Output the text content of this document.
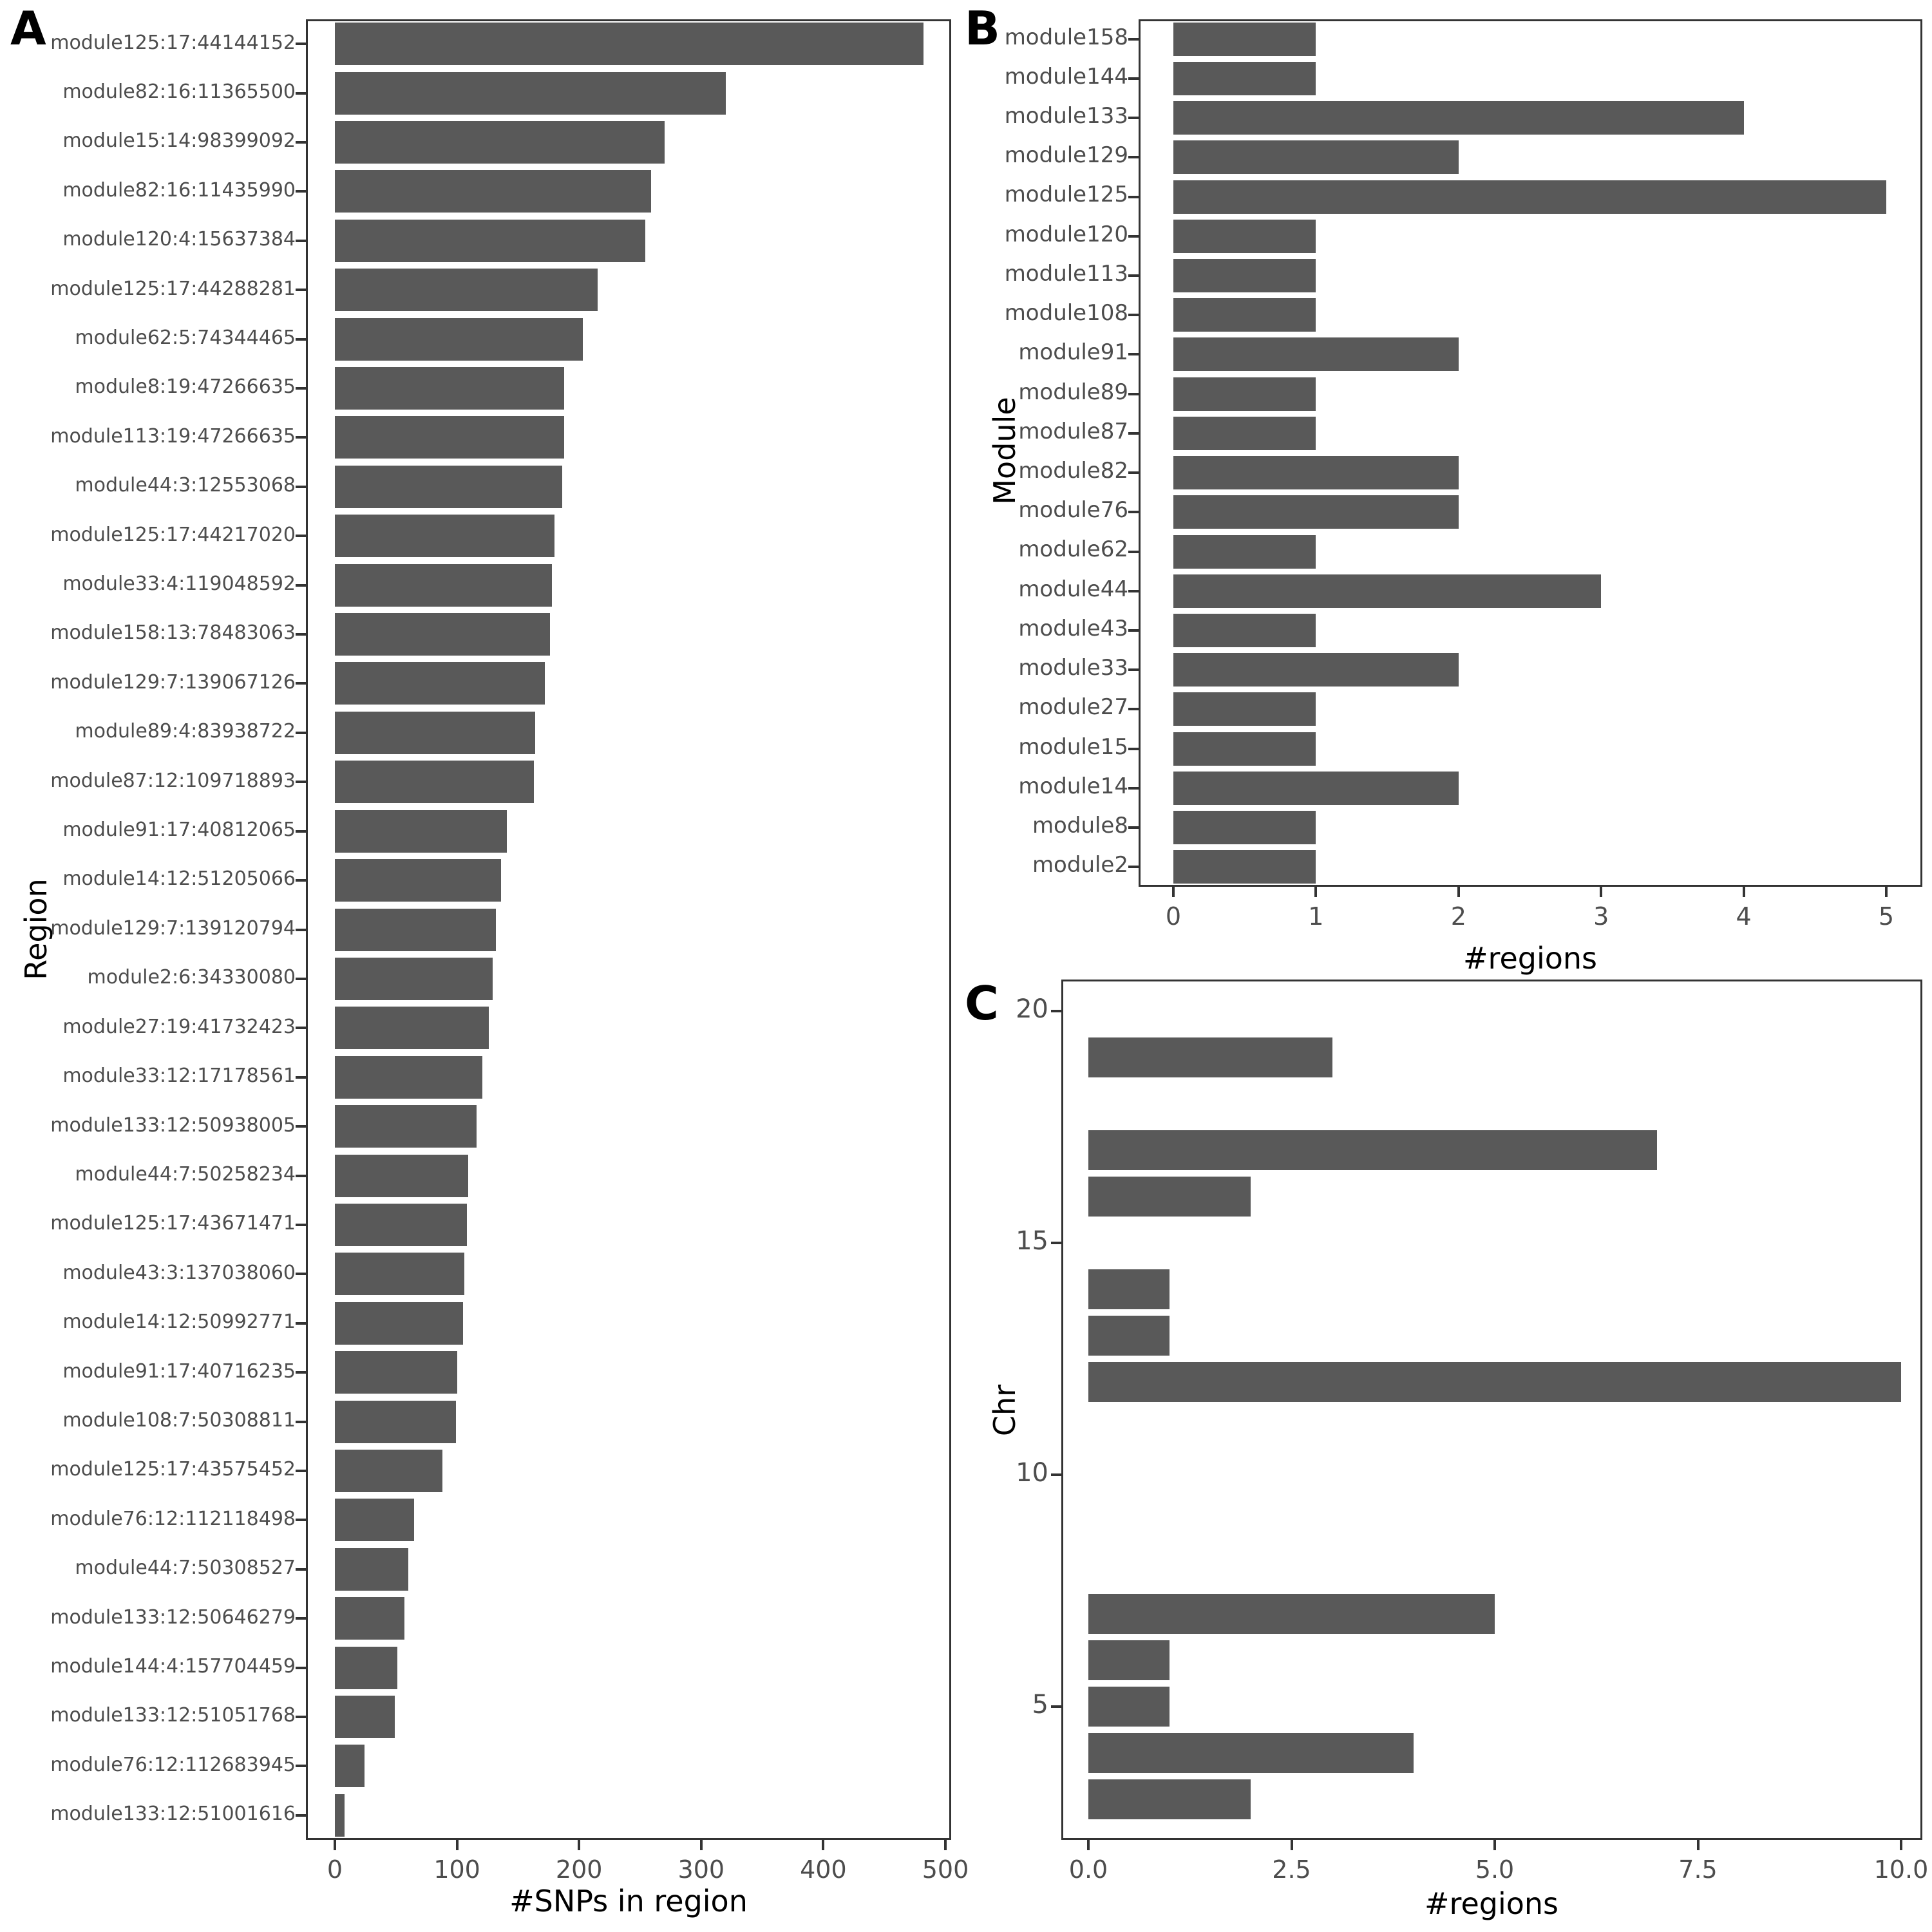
A	B
C
Region
#SNPs in region
Module
#regions
Chr
#regions
module125:17:44144152
module82:16:11365500
module15:14:98399092
module82:16:11435990
module120:4:15637384
module125:17:44288281
module62:5:74344465
module8:19:47266635
module113:19:47266635
module44:3:12553068
module125:17:44217020
module33:4:119048592
module158:13:78483063
module129:7:139067126
module89:4:83938722
module87:12:109718893
module91:17:40812065
module14:12:51205066
module129:7:139120794
module2:6:34330080
module27:19:41732423
module33:12:17178561
module133:12:50938005
module44:7:50258234
module125:17:43671471
module43:3:137038060
module14:12:50992771
module91:17:40716235
module108:7:50308811
module125:17:43575452
module76:12:112118498
module44:7:50308527
module133:12:50646279
module144:4:157704459
module133:12:51051768
module76:12:112683945
module133:12:51001616
0	100	200	300	400	500
module158
module144
module133
module129
module125
module120
module113
module108
module91
module89
module87
module82
module76
module62
module44
module43
module33
module27
module15
module14
module8
module2
0	1	2	3	4	5
20
15
10
5
0.0	2.5	5.0	7.5	10.0
